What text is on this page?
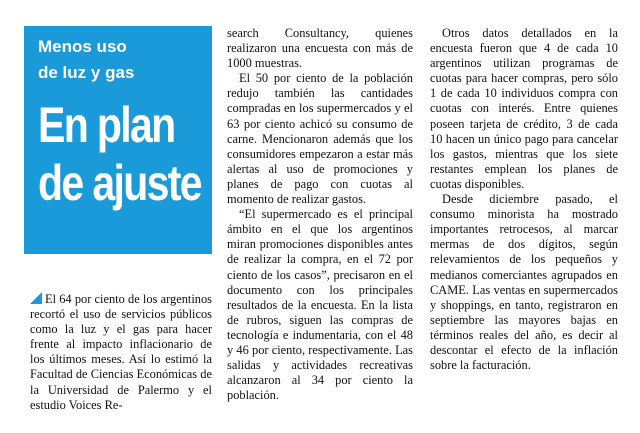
Menos uso
de luz y gas
En plan
de ajuste

El 64 por ciento de los argentinos recortó el uso de servicios públicos como la luz y el gas para hacer frente al impacto inflacionario de los últimos meses. Así lo estimó la Facultad de Ciencias Económicas de la Universidad de Palermo y el estudio Voices Re-

search Consultancy, quienes realizaron una encuesta con más de 1000 muestras.

El 50 por ciento de la población redujo también las cantidades compradas en los supermercados y el 63 por ciento achicó su consumo de carne. Mencionaron además que los consumidores empezaron a estar más alertas al uso de promociones y planes de pago con cuotas al momento de realizar gastos.

“El supermercado es el principal ámbito en el que los argentinos miran promociones disponibles antes de realizar la compra, en el 72 por ciento de los casos”, precisaron en el documento con los principales resultados de la encuesta. En la lista de rubros, siguen las compras de tecnología e indumentaria, con el 48 y 46 por ciento, respectivamente. Las salidas y actividades recreativas alcanzaron al 34 por ciento la población.

Otros datos detallados en la encuesta fueron que 4 de cada 10 argentinos utilizan programas de cuotas para hacer compras, pero sólo 1 de cada 10 individuos compra con cuotas con interés. Entre quienes poseen tarjeta de crédito, 3 de cada 10 hacen un único pago para cancelar los gastos, mientras que los siete restantes emplean los planes de cuotas disponibles.

Desde diciembre pasado, el consumo minorista ha mostrado importantes retrocesos, al marcar mermas de dos dígitos, según relevamientos de los pequeños y medianos comerciantes agrupados en CAME. Las ventas en supermercados y shoppings, en tanto, registraron en septiembre las mayores bajas en términos reales del año, es decir al descontar el efecto de la inflación sobre la facturación.
